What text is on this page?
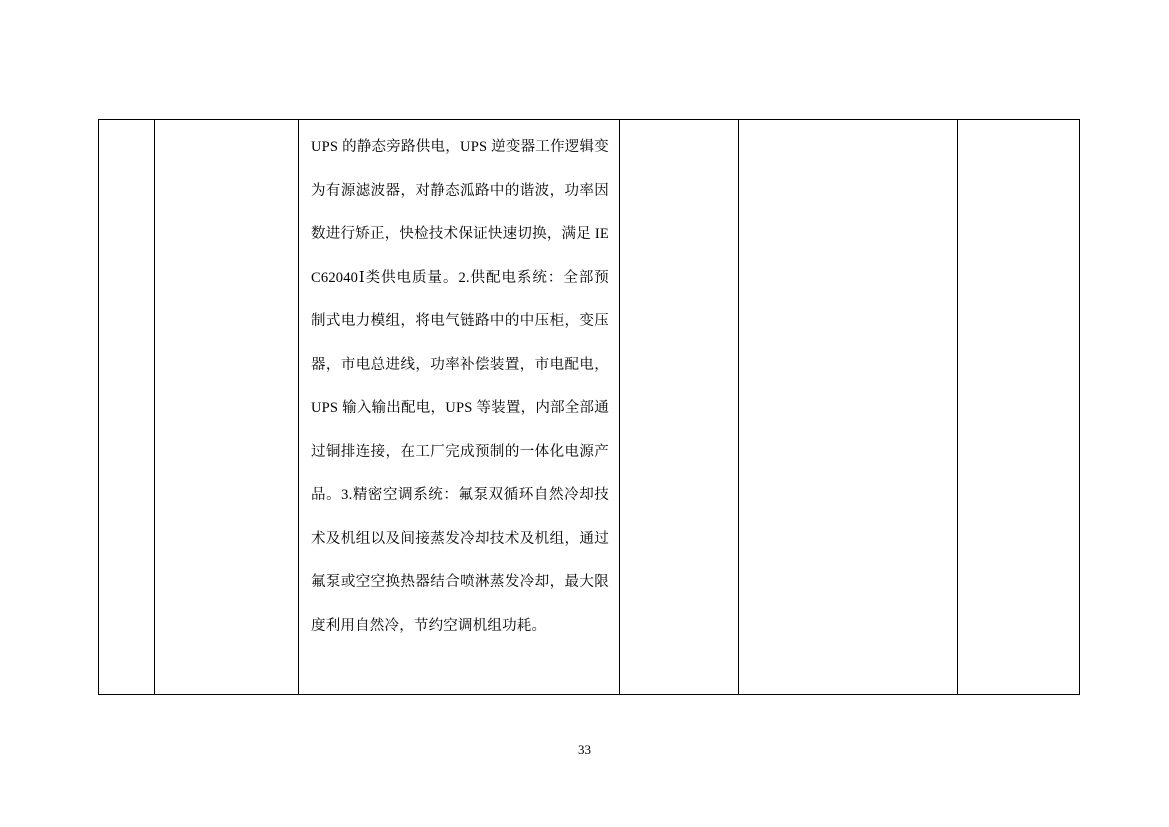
UPS 的静态旁路供电，UPS 逆变器工作逻辑变为有源滤波器，对静态泒路中的谐波，功率因数进行矫正，快检技术保证快速切换，满足 IEC62040Ⅰ类供电质量。2.供配电系统：全部预制式电力模组，将电气链路中的中压柜，变压器，市电总进线，功率补偿装置，市电配电，UPS 输入输出配电，UPS 等装置，内部全部通过铜排连接，在工厂完成预制的一体化电源产品。3.精密空调系统：氟泵双循环自然冷却技术及机组以及间接蒸发冷却技术及机组，通过氟泵或空空换热器结合喷淋蒸发冷却，最大限度利用自然冷，节约空调机组功耗。

33
